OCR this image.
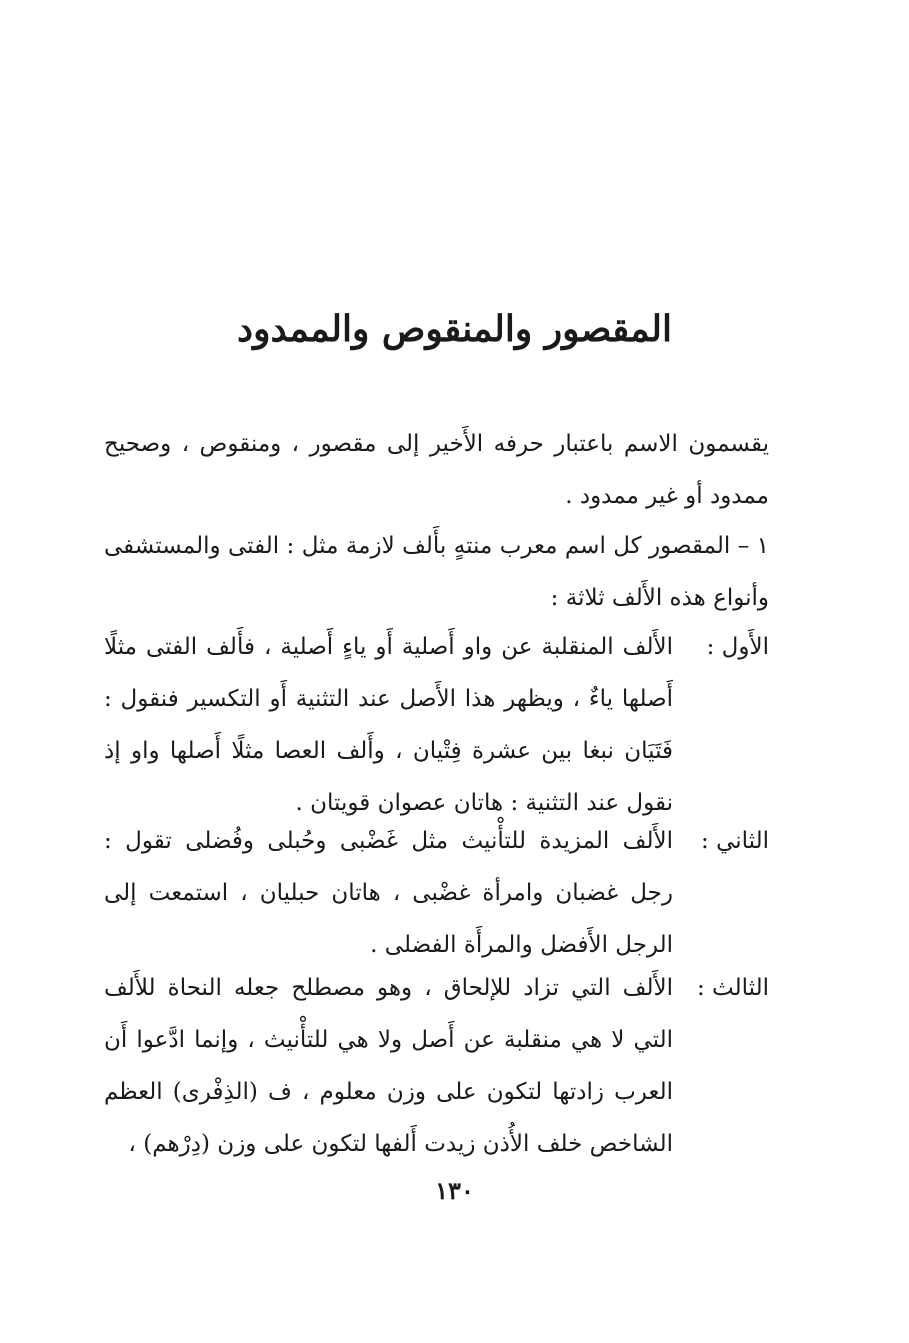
المقصور والمنقوص والممدود
يقسمون الاسم باعتبار حرفه الأَخير إلى مقصور ، ومنقوص ، وصحيح ممدود أو غير ممدود .
١ – المقصور كل اسم معرب منتهٍ بأَلف لازمة مثل : الفتى والمستشفى وأنواع هذه الأَلف ثلاثة :
الأَول :
الأَلف المنقلبة عن واو أَصلية أَو ياءٍ أَصلية ، فأَلف الفتى مثلًا أَصلها ياءٌ ، ويظهر هذا الأَصل عند التثنية أَو التكسير فنقول : فَتَيَان نبغا بين عشرة فِتْيان ، وأَلف العصا مثلًا أَصلها واو إذ نقول عند التثنية : هاتان عصوان قويتان .
الثاني :
الأَلف المزيدة للتأْنيث مثل غَضْبى وحُبلى وفُضلى تقول : رجل غضبان وامرأة غضْبى ، هاتان حبليان ، استمعت إلى الرجل الأَفضل والمرأَة الفضلى .
الثالث :
الأَلف التي تزاد للإلحاق ، وهو مصطلح جعله النحاة للأَلف التي لا هي منقلبة عن أَصل ولا هي للتأْنيث ، وإنما ادَّعوا أَن العرب زادتها لتكون على وزن معلوم ، ف (الذِفْرى) العظم الشاخص خلف الأُذن زيدت أَلفها لتكون على وزن (دِرْهم) ،
١٣٠
